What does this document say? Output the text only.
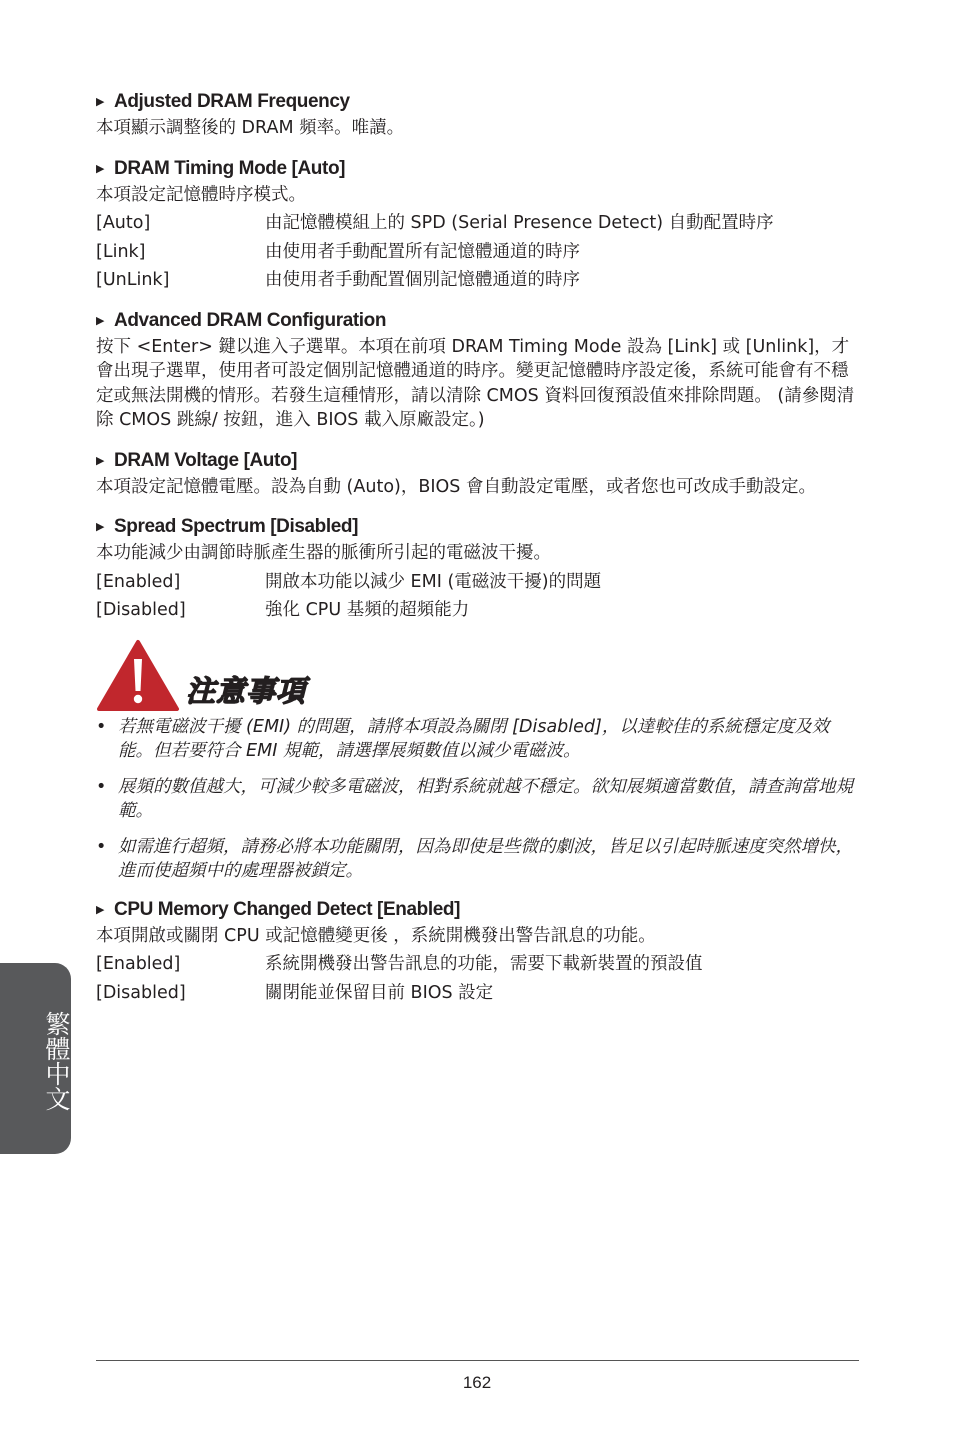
▶ Adjusted DRAM Frequency
本項顯示調整後的 DRAM 頻率。唯讀。
▶ DRAM Timing Mode [Auto]
本項設定記憶體時序模式。
[Auto]	由記憶體模組上的 SPD (Serial Presence Detect) 自動配置時序
[Link]	由使用者手動配置所有記憶體通道的時序
[UnLink]	由使用者手動配置個別記憶體通道的時序
▶ Advanced DRAM Configuration
按下 <Enter> 鍵以進入子選單。本項在前項 DRAM Timing Mode 設為 [Link] 或 [Unlink]，才會出現子選單，使用者可設定個別記憶體通道的時序。變更記憶體時序設定後，系統可能會有不穩定或無法開機的情形。若發生這種情形，請以清除 CMOS 資料回復預設值來排除問題。 (請參閱清除 CMOS 跳線/ 按鈕，進入 BIOS 載入原廠設定。)
▶ DRAM Voltage [Auto]
本項設定記憶體電壓。設為自動 (Auto)，BIOS 會自動設定電壓，或者您也可改成手動設定。
▶ Spread Spectrum [Disabled]
本功能減少由調節時脈產生器的脈衝所引起的電磁波干擾。
[Enabled]	開啟本功能以減少 EMI (電磁波干擾)的問題
[Disabled]	強化 CPU 基頻的超頻能力
注意事項
• 若無電磁波干擾 (EMI) 的問題，請將本項設為關閉 [Disabled]，以達較佳的系統穩定度及效能。但若要符合 EMI 規範，請選擇展頻數值以減少電磁波。
• 展頻的數值越大，可減少較多電磁波，相對系統就越不穩定。欲知展頻適當數值，請查詢當地規範。
• 如需進行超頻，請務必將本功能關閉，因為即使是些微的劇波，皆足以引起時脈速度突然增快，進而使超頻中的處理器被鎖定。
▶ CPU Memory Changed Detect [Enabled]
本項開啟或關閉 CPU 或記憶體變更後 ，系統開機發出警告訊息的功能。
[Enabled]	系統開機發出警告訊息的功能，需要下載新裝置的預設值
[Disabled]	關閉能並保留目前 BIOS 設定
繁體中文
162
